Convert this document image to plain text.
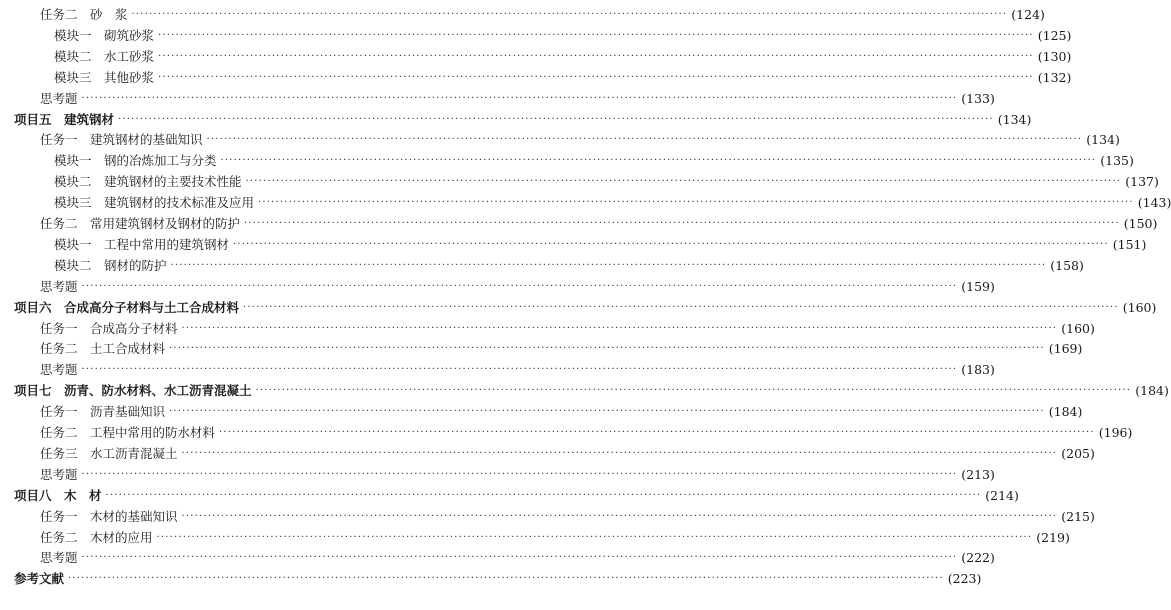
任务二　砂　浆 ········································································································································································································ (124)
模块一　砌筑砂浆 ········································································································································································································ (125)
模块二　水工砂浆 ········································································································································································································ (130)
模块三　其他砂浆 ········································································································································································································ (132)
思考题 ········································································································································································································ (133)
项目五　建筑钢材 ········································································································································································································ (134)
任务一　建筑钢材的基础知识 ········································································································································································································ (134)
模块一　钢的冶炼加工与分类 ········································································································································································································ (135)
模块二　建筑钢材的主要技术性能 ········································································································································································································ (137)
模块三　建筑钢材的技术标准及应用 ········································································································································································································ (143)
任务二　常用建筑钢材及钢材的防护 ········································································································································································································ (150)
模块一　工程中常用的建筑钢材 ········································································································································································································ (151)
模块二　钢材的防护 ········································································································································································································ (158)
思考题 ········································································································································································································ (159)
项目六　合成高分子材料与土工合成材料 ········································································································································································································ (160)
任务一　合成高分子材料 ········································································································································································································ (160)
任务二　土工合成材料 ········································································································································································································ (169)
思考题 ········································································································································································································ (183)
项目七　沥青、防水材料、水工沥青混凝土 ········································································································································································································ (184)
任务一　沥青基础知识 ········································································································································································································ (184)
任务二　工程中常用的防水材料 ········································································································································································································ (196)
任务三　水工沥青混凝土 ········································································································································································································ (205)
思考题 ········································································································································································································ (213)
项目八　木　材 ········································································································································································································ (214)
任务一　木材的基础知识 ········································································································································································································ (215)
任务二　木材的应用 ········································································································································································································ (219)
思考题 ········································································································································································································ (222)
参考文献 ········································································································································································································ (223)
